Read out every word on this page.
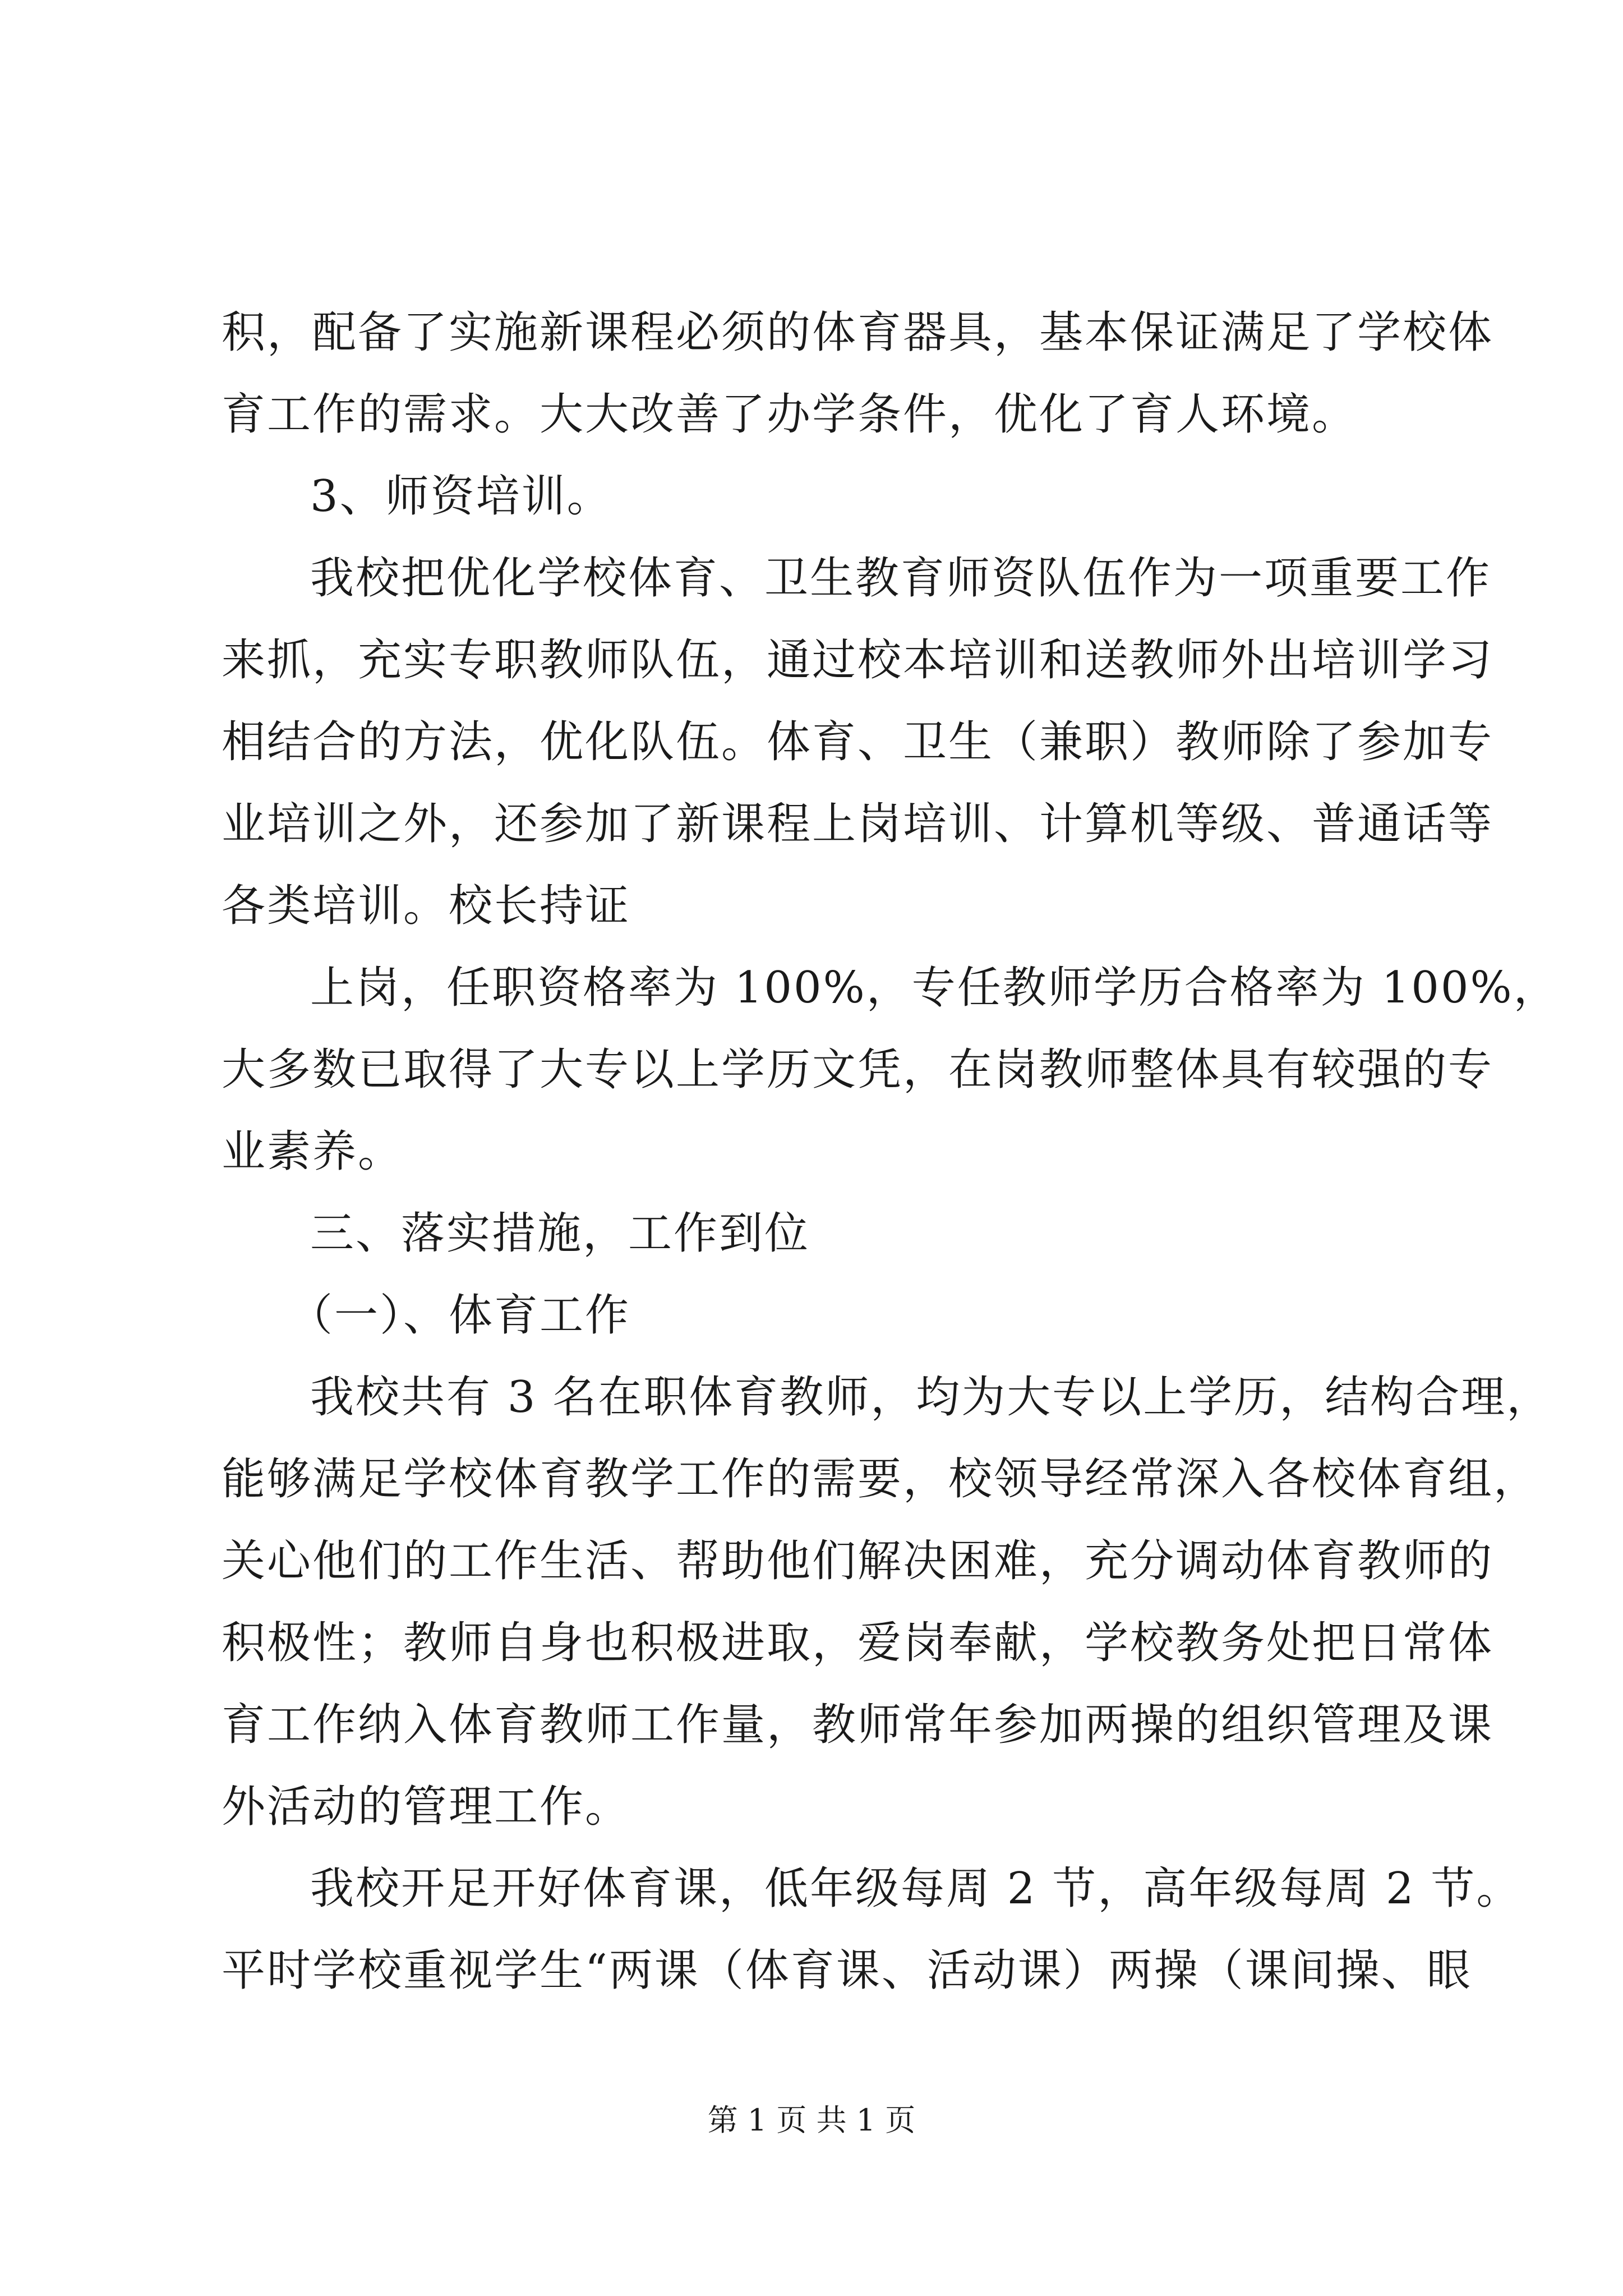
积，配备了实施新课程必须的体育器具，基本保证满足了学校体
育工作的需求。大大改善了办学条件，优化了育人环境。
3、师资培训。
我校把优化学校体育、卫生教育师资队伍作为一项重要工作
来抓，充实专职教师队伍，通过校本培训和送教师外出培训学习
相结合的方法，优化队伍。体育、卫生（兼职）教师除了参加专
业培训之外，还参加了新课程上岗培训、计算机等级、普通话等
各类培训。校长持证
上岗，任职资格率为 100%，专任教师学历合格率为 100%，
大多数已取得了大专以上学历文凭，在岗教师整体具有较强的专
业素养。
三、落实措施，工作到位
（一）、体育工作
我校共有 3 名在职体育教师，均为大专以上学历，结构合理，
能够满足学校体育教学工作的需要，校领导经常深入各校体育组，
关心他们的工作生活、帮助他们解决困难，充分调动体育教师的
积极性；教师自身也积极进取，爱岗奉献，学校教务处把日常体
育工作纳入体育教师工作量，教师常年参加两操的组织管理及课
外活动的管理工作。
我校开足开好体育课，低年级每周 2 节，高年级每周 2 节。
平时学校重视学生“两课（体育课、活动课）两操（课间操、眼
第 1 页 共 1 页
